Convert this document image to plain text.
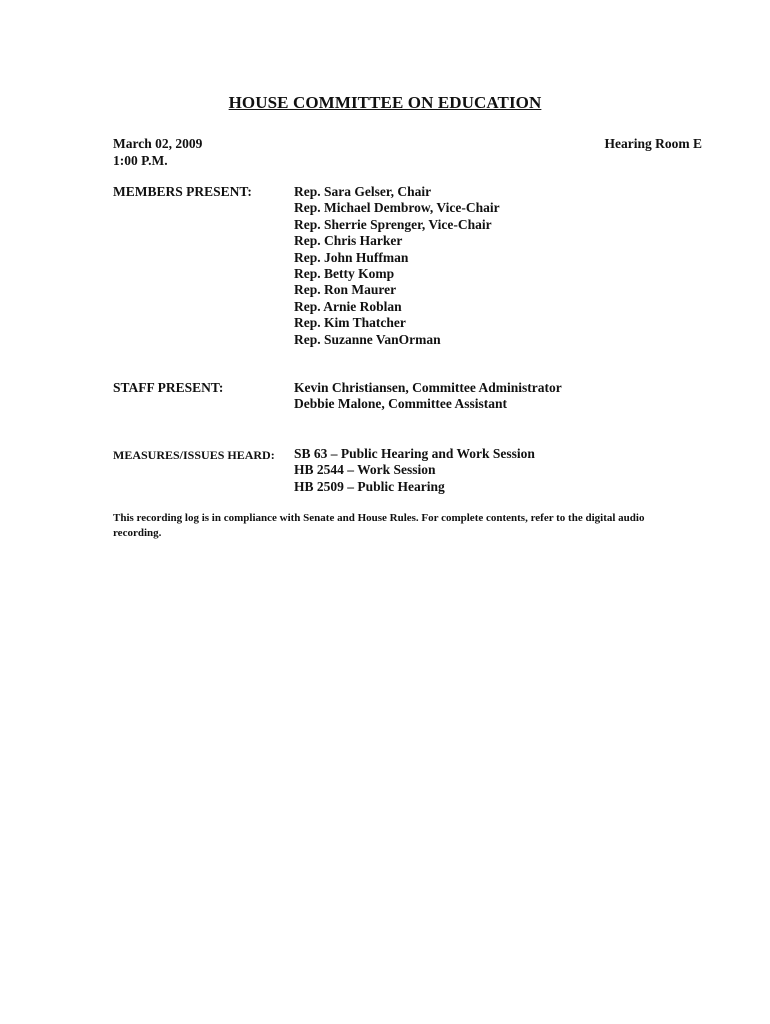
HOUSE COMMITTEE ON EDUCATION
March 02, 2009
1:00 P.M.
Hearing Room E
MEMBERS PRESENT:	Rep. Sara Gelser, Chair
Rep. Michael Dembrow, Vice-Chair
Rep. Sherrie Sprenger, Vice-Chair
Rep. Chris Harker
Rep. John Huffman
Rep. Betty Komp
Rep. Ron Maurer
Rep. Arnie Roblan
Rep. Kim Thatcher
Rep. Suzanne VanOrman
STAFF PRESENT:	Kevin Christiansen, Committee Administrator
Debbie Malone, Committee Assistant
MEASURES/ISSUES HEARD: SB 63 – Public Hearing and Work Session
HB 2544 – Work Session
HB 2509 – Public Hearing
This recording log is in compliance with Senate and House Rules. For complete contents, refer to the digital audio recording.
